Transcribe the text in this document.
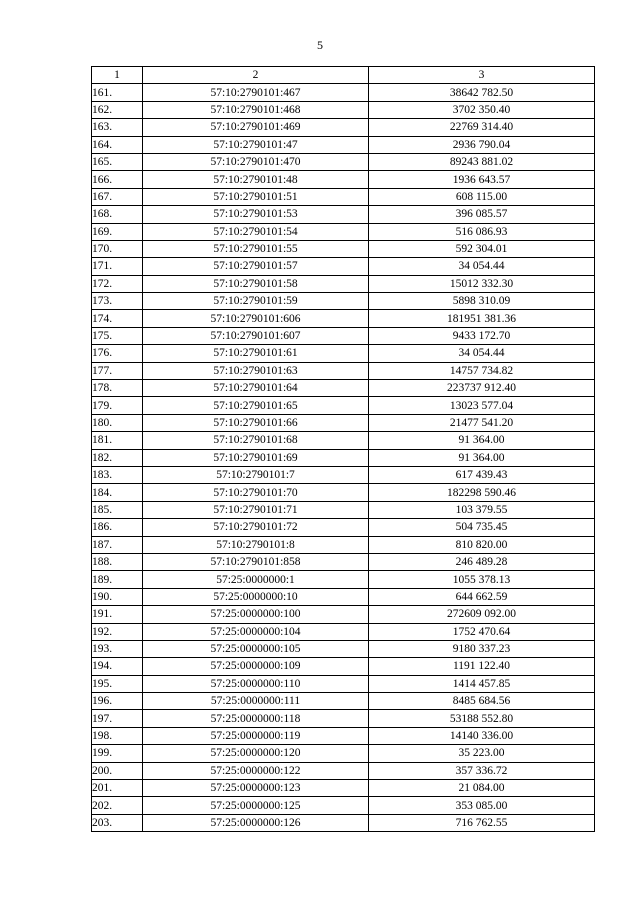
5
1	2	3
161.	57:10:2790101:467	38642 782.50
162.	57:10:2790101:468	3702 350.40
163.	57:10:2790101:469	22769 314.40
164.	57:10:2790101:47	2936 790.04
165.	57:10:2790101:470	89243 881.02
166.	57:10:2790101:48	1936 643.57
167.	57:10:2790101:51	608 115.00
168.	57:10:2790101:53	396 085.57
169.	57:10:2790101:54	516 086.93
170.	57:10:2790101:55	592 304.01
171.	57:10:2790101:57	34 054.44
172.	57:10:2790101:58	15012 332.30
173.	57:10:2790101:59	5898 310.09
174.	57:10:2790101:606	181951 381.36
175.	57:10:2790101:607	9433 172.70
176.	57:10:2790101:61	34 054.44
177.	57:10:2790101:63	14757 734.82
178.	57:10:2790101:64	223737 912.40
179.	57:10:2790101:65	13023 577.04
180.	57:10:2790101:66	21477 541.20
181.	57:10:2790101:68	91 364.00
182.	57:10:2790101:69	91 364.00
183.	57:10:2790101:7	617 439.43
184.	57:10:2790101:70	182298 590.46
185.	57:10:2790101:71	103 379.55
186.	57:10:2790101:72	504 735.45
187.	57:10:2790101:8	810 820.00
188.	57:10:2790101:858	246 489.28
189.	57:25:0000000:1	1055 378.13
190.	57:25:0000000:10	644 662.59
191.	57:25:0000000:100	272609 092.00
192.	57:25:0000000:104	1752 470.64
193.	57:25:0000000:105	9180 337.23
194.	57:25:0000000:109	1191 122.40
195.	57:25:0000000:110	1414 457.85
196.	57:25:0000000:111	8485 684.56
197.	57:25:0000000:118	53188 552.80
198.	57:25:0000000:119	14140 336.00
199.	57:25:0000000:120	35 223.00
200.	57:25:0000000:122	357 336.72
201.	57:25:0000000:123	21 084.00
202.	57:25:0000000:125	353 085.00
203.	57:25:0000000:126	716 762.55
